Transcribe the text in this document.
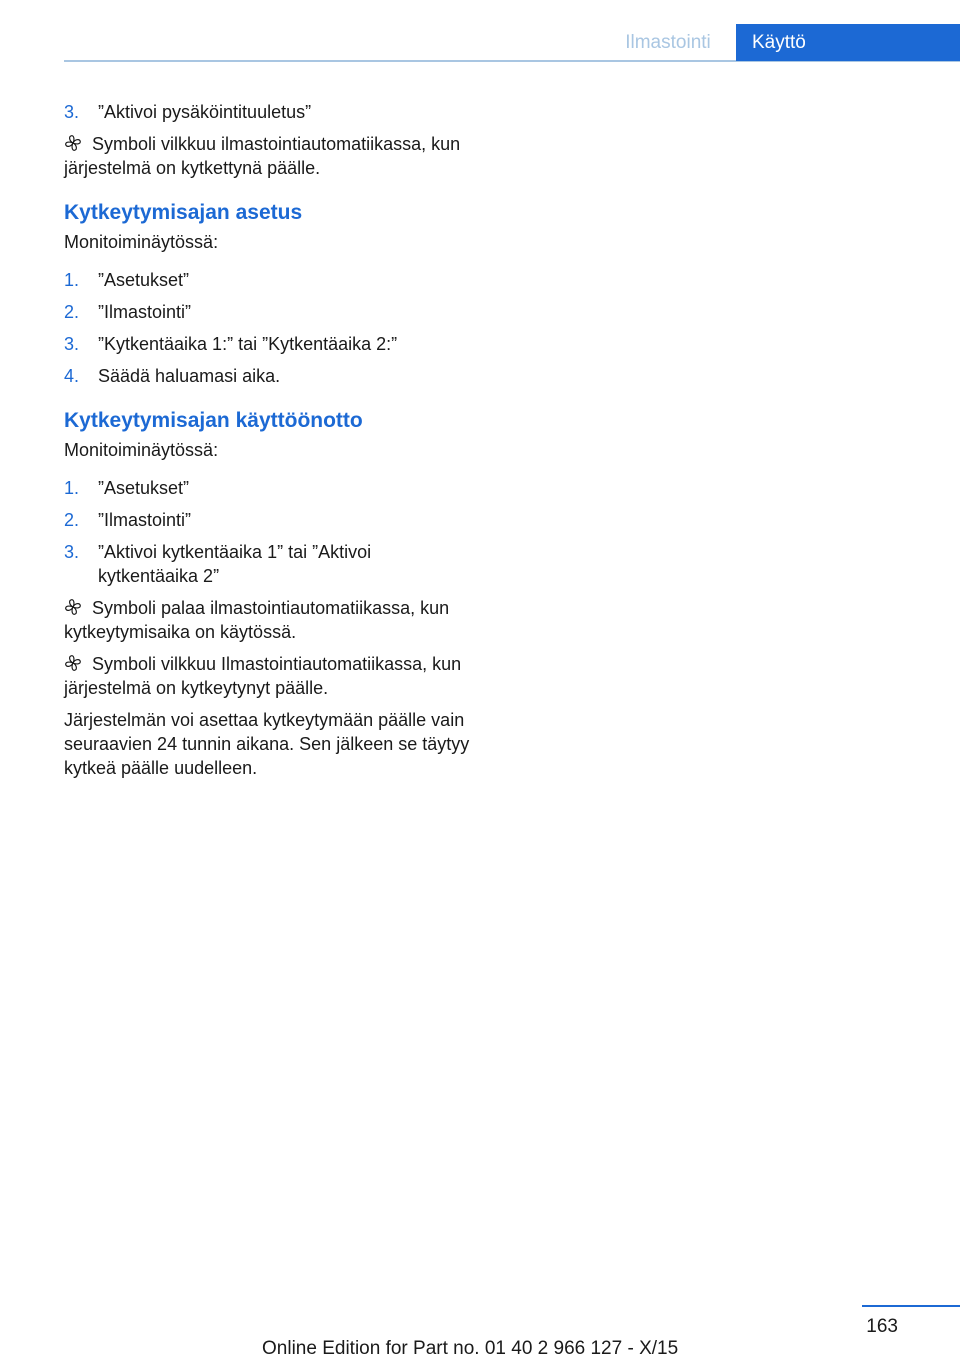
Ilmastointi	Käyttö
3. ”Aktivoi pysäköintituuletus”

Symboli vilkkuu ilmastointiautomatiikassa, kun järjestelmä on kytkettynä päälle.

Kytkeytymisajan asetus

Monitoiminäytössä:

1. ”Asetukset”
2. ”Ilmastointi”
3. ”Kytkentäaika 1:” tai ”Kytkentäaika 2:”
4. Säädä haluamasi aika.
Kytkeytymisajan käyttöönotto

Monitoiminäytössä:

1. ”Asetukset”
2. ”Ilmastointi”
3. ”Aktivoi kytkentäaika 1” tai ”Aktivoi kytkentäaika 2”

Symboli palaa ilmastointiautomatiikassa, kun kytkeytymisaika on käytössä.

Symboli vilkkuu Ilmastointiautomatiikassa, kun järjestelmä on kytkeytynyt päälle.

Järjestelmän voi asettaa kytkeytymään päälle vain seuraavien 24 tunnin aikana. Sen jälkeen se täytyy kytkeä päälle uudelleen.

163
Online Edition for Part no. 01 40 2 966 127 - X/15
